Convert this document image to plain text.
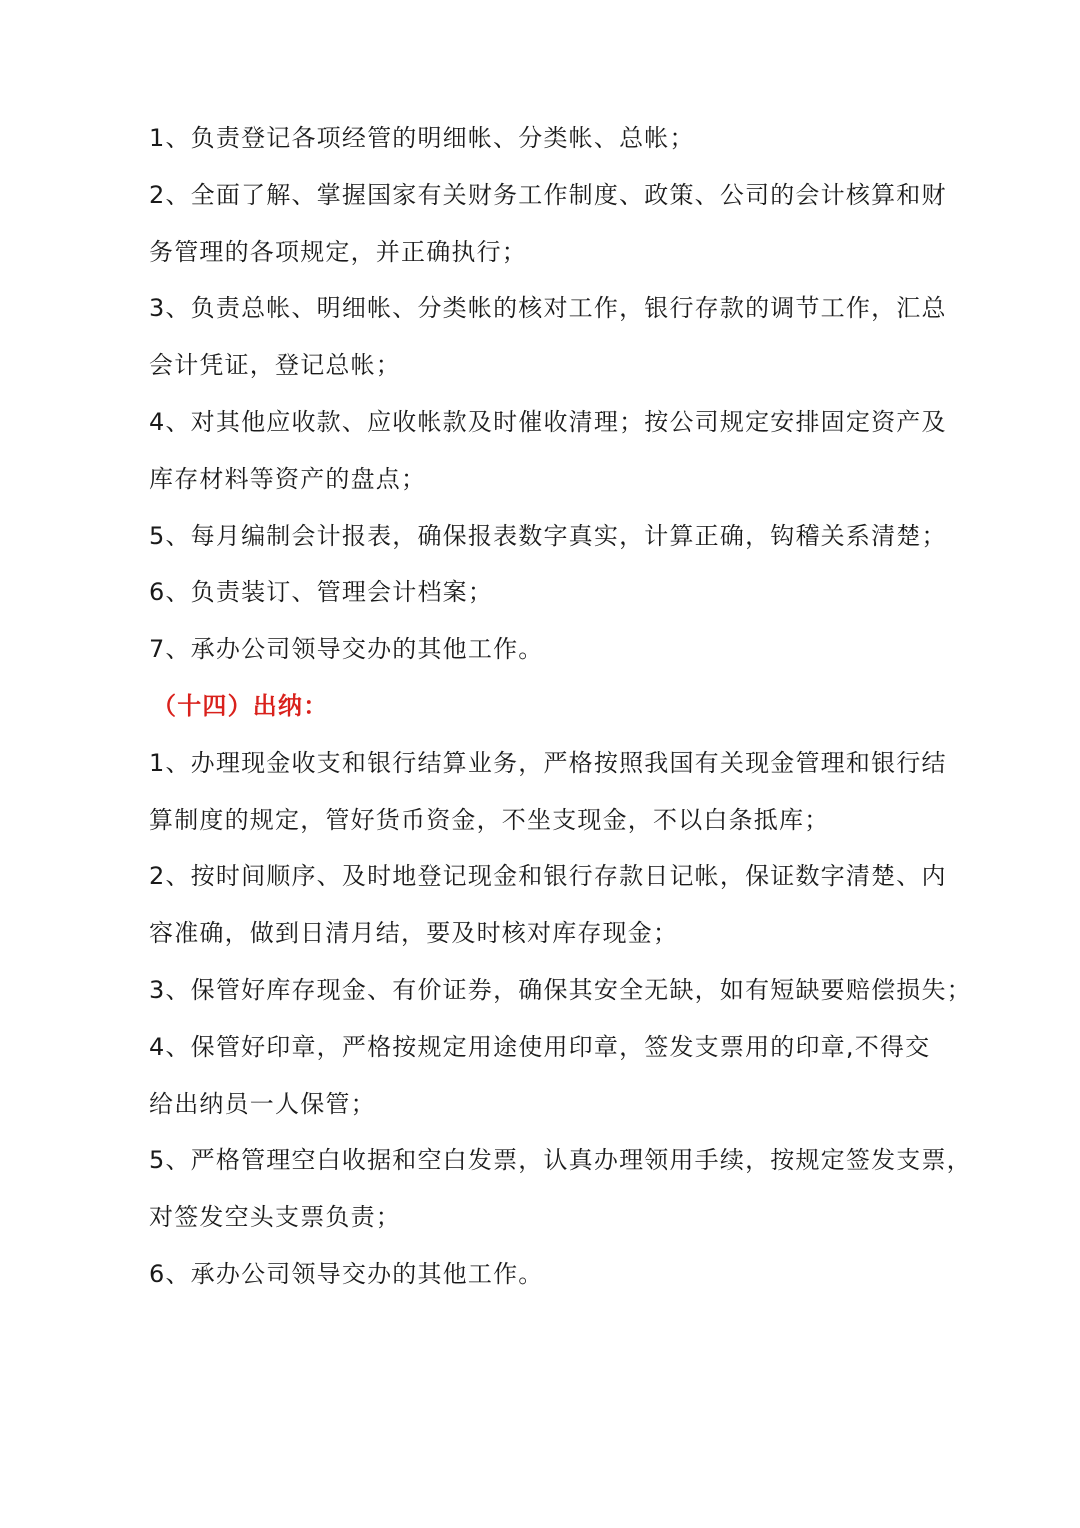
1、负责登记各项经管的明细帐、分类帐、总帐；
2、全面了解、掌握国家有关财务工作制度、政策、公司的会计核算和财
务管理的各项规定，并正确执行；
3、负责总帐、明细帐、分类帐的核对工作，银行存款的调节工作，汇总
会计凭证，登记总帐；
4、对其他应收款、应收帐款及时催收清理；按公司规定安排固定资产及
库存材料等资产的盘点；
5、每月编制会计报表，确保报表数字真实，计算正确，钩稽关系清楚；
6、负责装订、管理会计档案；
7、承办公司领导交办的其他工作。
（十四）出纳：
1、办理现金收支和银行结算业务，严格按照我国有关现金管理和银行结
算制度的规定，管好货币资金，不坐支现金，不以白条抵库；
2、按时间顺序、及时地登记现金和银行存款日记帐，保证数字清楚、内
容准确，做到日清月结，要及时核对库存现金；
3、保管好库存现金、有价证券，确保其安全无缺，如有短缺要赔偿损失；
4、保管好印章，严格按规定用途使用印章，签发支票用的印章,不得交
给出纳员一人保管；
5、严格管理空白收据和空白发票，认真办理领用手续，按规定签发支票，
对签发空头支票负责；
6、承办公司领导交办的其他工作。
